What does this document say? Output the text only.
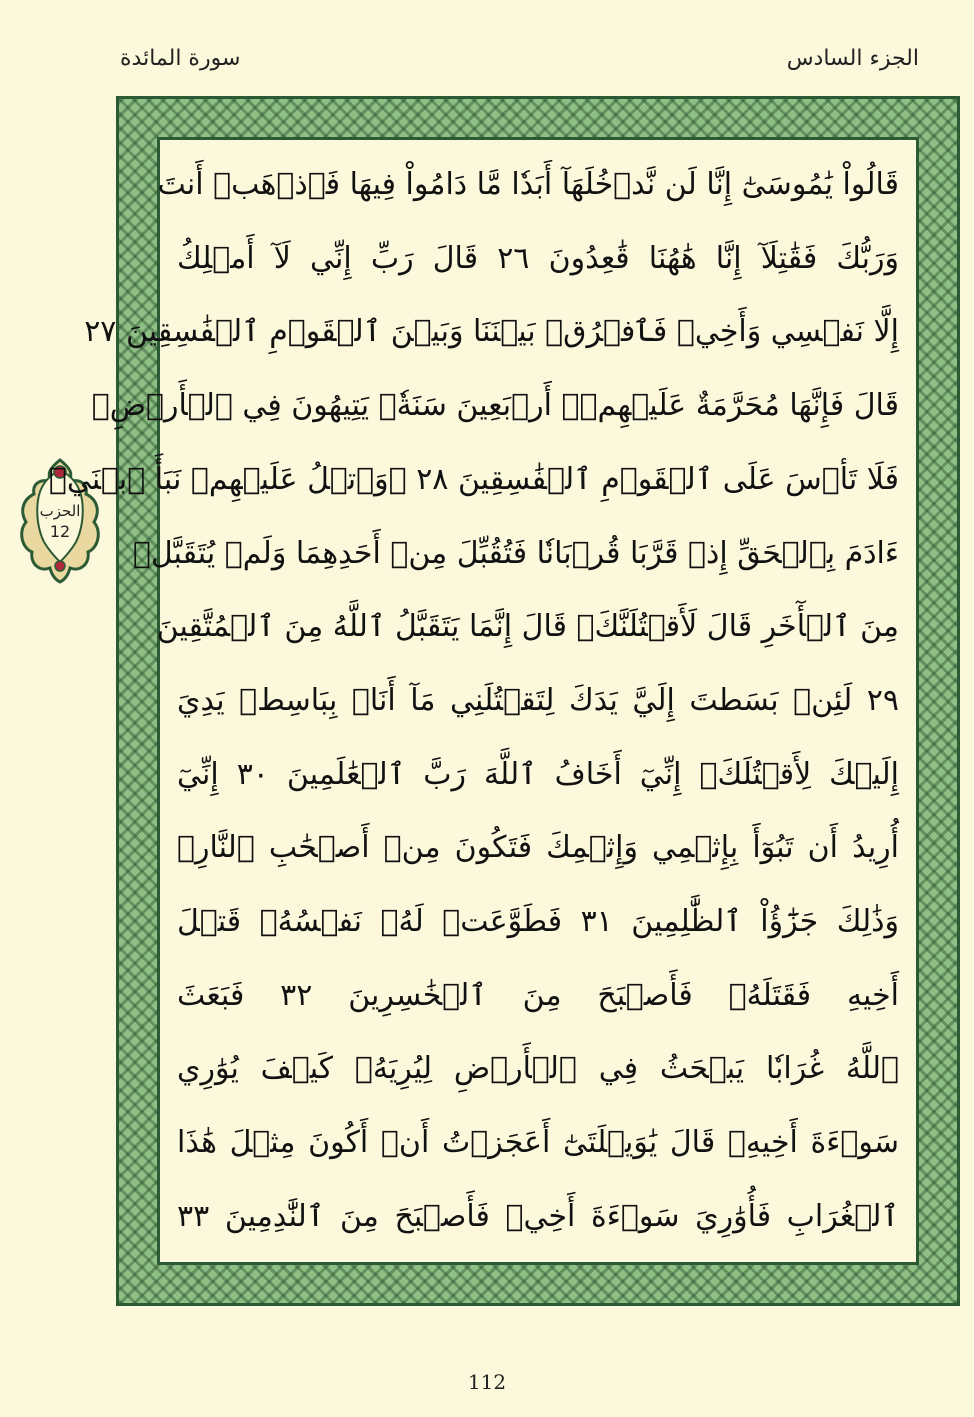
الجزء السادس
سورة المائدة
الحزب
12
قَالُواْ يَٰمُوسَىٰٓ إِنَّا لَن نَّدۡخُلَهَآ أَبَدٗا مَّا دَامُواْ فِيهَا فَٱذۡهَبۡ أَنتَ
وَرَبُّكَ فَقَٰتِلَآ إِنَّا هَٰهُنَا قَٰعِدُونَ ٢٦ قَالَ رَبِّ إِنِّي لَآ أَمۡلِكُ
إِلَّا نَفۡسِي وَأَخِيۖ فَٱفۡرُقۡ بَيۡنَنَا وَبَيۡنَ ٱلۡقَوۡمِ ٱلۡفَٰسِقِينَ ٢٧
قَالَ فَإِنَّهَا مُحَرَّمَةٌ عَلَيۡهِمۡۛ أَرۡبَعِينَ سَنَةٗۛ يَتِيهُونَ فِي ٱلۡأَرۡضِۚ
فَلَا تَأۡسَ عَلَى ٱلۡقَوۡمِ ٱلۡفَٰسِقِينَ ٢٨ ۞وَٱتۡلُ عَلَيۡهِمۡ نَبَأَ ٱبۡنَيۡ
ءَادَمَ بِٱلۡحَقِّ إِذۡ قَرَّبَا قُرۡبَانٗا فَتُقُبِّلَ مِنۡ أَحَدِهِمَا وَلَمۡ يُتَقَبَّلۡ
مِنَ ٱلۡأٓخَرِ قَالَ لَأَقۡتُلَنَّكَۖ قَالَ إِنَّمَا يَتَقَبَّلُ ٱللَّهُ مِنَ ٱلۡمُتَّقِينَ
٢٩ لَئِنۢ بَسَطتَ إِلَيَّ يَدَكَ لِتَقۡتُلَنِي مَآ أَنَا۠ بِبَاسِطٖ يَدِيَ
إِلَيۡكَ لِأَقۡتُلَكَۖ إِنِّيٓ أَخَافُ ٱللَّهَ رَبَّ ٱلۡعَٰلَمِينَ ٣٠ إِنِّيٓ
أُرِيدُ أَن تَبُوٓأَ بِإِثۡمِي وَإِثۡمِكَ فَتَكُونَ مِنۡ أَصۡحَٰبِ ٱلنَّارِۚ
وَذَٰلِكَ جَزَٰٓؤُاْ ٱلظَّٰلِمِينَ ٣١ فَطَوَّعَتۡ لَهُۥ نَفۡسُهُۥ قَتۡلَ
أَخِيهِ فَقَتَلَهُۥ فَأَصۡبَحَ مِنَ ٱلۡخَٰسِرِينَ ٣٢ فَبَعَثَ
ٱللَّهُ غُرَابٗا يَبۡحَثُ فِي ٱلۡأَرۡضِ لِيُرِيَهُۥ كَيۡفَ يُوَٰرِي
سَوۡءَةَ أَخِيهِۚ قَالَ يَٰوَيۡلَتَىٰٓ أَعَجَزۡتُ أَنۡ أَكُونَ مِثۡلَ هَٰذَا
ٱلۡغُرَابِ فَأُوَٰرِيَ سَوۡءَةَ أَخِيۖ فَأَصۡبَحَ مِنَ ٱلنَّٰدِمِينَ ٣٣
112
